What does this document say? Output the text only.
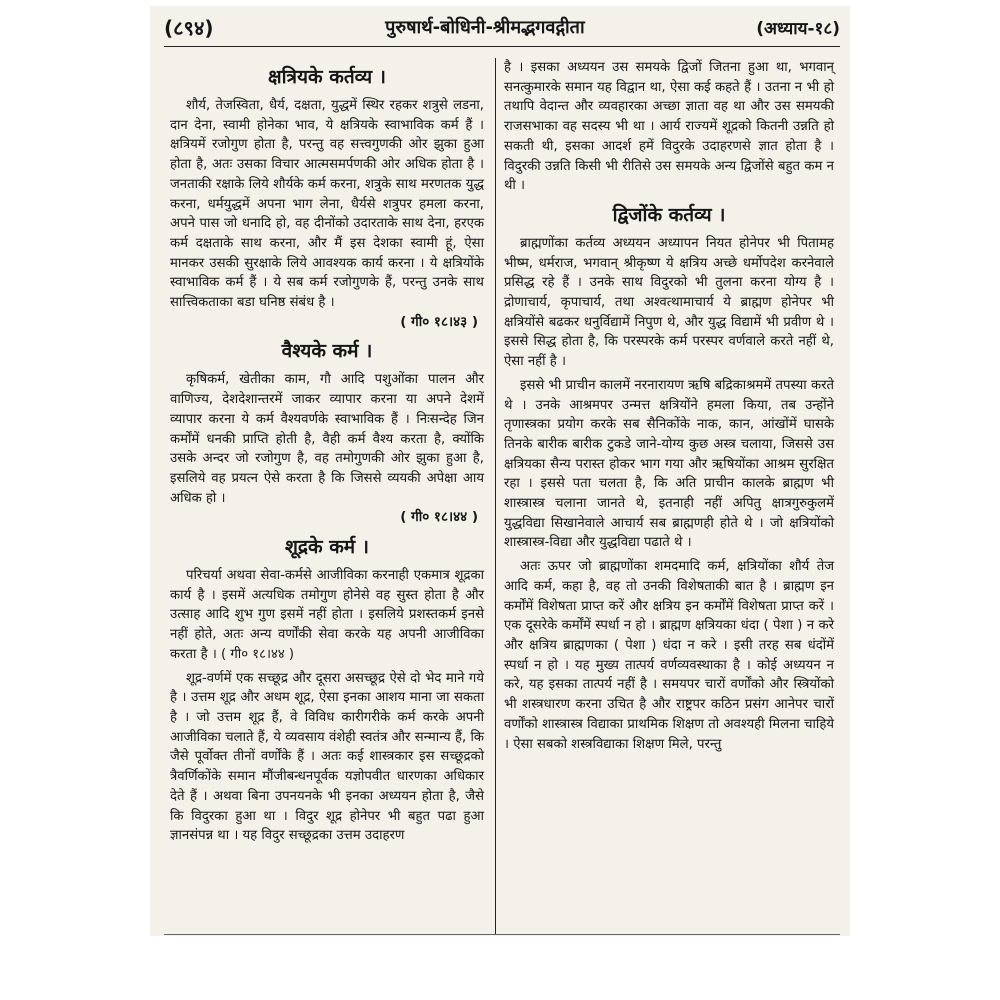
(८९४)	पुरुषार्थ-बोधिनी-श्रीमद्भगवद्गीता	(अध्याय-१८)
क्षत्रियके कर्तव्य ।

शौर्य, तेजस्विता, धैर्य, दक्षता, युद्धमें स्थिर रहकर शत्रुसे लडना, दान देना, स्वामी होनेका भाव, ये क्षत्रियके स्वाभाविक कर्म हैं । क्षत्रियमें रजोगुण होता है, परन्तु वह सत्त्वगुणकी ओर झुका हुआ होता है, अतः उसका विचार आत्मसमर्पणकी ओर अधिक होता है । जनताकी रक्षाके लिये शौर्यके कर्म करना, शत्रुके साथ मरणतक युद्ध करना, धर्मयुद्धमें अपना भाग लेना, धैर्यसे शत्रुपर हमला करना, अपने पास जो धनादि हो, वह दीनोंको उदारताके साथ देना, हरएक कर्म दक्षताके साथ करना, और मैं इस देशका स्वामी हूं, ऐसा मानकर उसकी सुरक्षाके लिये आवश्यक कार्य करना । ये क्षत्रियोंके स्वाभाविक कर्म हैं । ये सब कर्म रजोगुणके हैं, परन्तु उनके साथ सात्त्विकताका बडा घनिष्ठ संबंध है ।

( गी० १८।४३ )
वैश्यके कर्म ।

कृषिकर्म, खेतीका काम, गौ आदि पशुओंका पालन और वाणिज्य, देशदेशान्तरमें जाकर व्यापार करना या अपने देशमें व्यापार करना ये कर्म वैश्यवर्णके स्वाभाविक हैं । निःसन्देह जिन कर्मोंमें धनकी प्राप्ति होती है, वैही कर्म वैश्य करता है, क्योंकि उसके अन्दर जो रजोगुण है, वह तमोगुणकी ओर झुका हुआ है, इसलिये वह प्रयत्न ऐसे करता है कि जिससे व्ययकी अपेक्षा आय अधिक हो ।

( गी० १८।४४ )
शूद्रके कर्म ।

परिचर्या अथवा सेवा-कर्मसे आजीविका करनाही एकमात्र शूद्रका कार्य है । इसमें अत्यधिक तमोगुण होनेसे वह सुस्त होता है और उत्साह आदि शुभ गुण इसमें नहीं होता । इसलिये प्रशस्तकर्म इनसे नहीं होते, अतः अन्य वर्णोंकी सेवा करके यह अपनी आजीविका करता है । ( गी० १८।४४ )

शूद्र-वर्णमें एक सच्छूद्र और दूसरा असच्छूद्र ऐसे दो भेद माने गये है । उत्तम शूद्र और अधम शूद्र, ऐसा इनका आशय माना जा सकता है । जो उत्तम शूद्र हैं, वे विविध कारीगरीके कर्म करके अपनी आजीविका चलाते हैं, ये व्यवसाय वंशेही स्वतंत्र और सन्मान्य हैं, कि जैसे पूर्वोक्त तीनों वर्णोंके हैं । अतः कई शास्त्रकार इस सच्छूद्रको त्रैवर्णिकोंके समान मौंजीबन्धनपूर्वक यज्ञोपवीत धारणका अधिकार देते हैं । अथवा बिना उपनयनके भी इनका अध्ययन होता है, जैसे कि विदुरका हुआ था । विदुर शूद्र होनेपर भी बहुत पढा हुआ ज्ञानसंपन्न था । यह विदुर सच्छूद्रका उत्तम उदाहरण

है । इसका अध्ययन उस समयके द्विजों जितना हुआ था, भगवान् सनत्कुमारके समान यह विद्वान था, ऐसा कई कहते हैं । उतना न भी हो तथापि वेदान्त और व्यवहारका अच्छा ज्ञाता वह था और उस समयकी राजसभाका वह सदस्य भी था । आर्य राज्यमें शूद्रको कितनी उन्नति हो सकती थी, इसका आदर्श हमें विदुरके उदाहरणसे ज्ञात होता है । विदुरकी उन्नति किसी भी रीतिसे उस समयके अन्य द्विजोंसे बहुत कम न थी ।

द्विजोंके कर्तव्य ।

ब्राह्मणोंका कर्तव्य अध्ययन अध्यापन नियत होनेपर भी पितामह भीष्म, धर्मराज, भगवान् श्रीकृष्ण ये क्षत्रिय अच्छे धर्मोपदेश करनेवाले प्रसिद्ध रहे हैं । उनके साथ विदुरको भी तुलना करना योग्य है । द्रोणाचार्य, कृपाचार्य, तथा अश्वत्थामाचार्य ये ब्राह्मण होनेपर भी क्षत्रियोंसे बढकर धनुर्विद्यामें निपुण थे, और युद्ध विद्यामें भी प्रवीण थे । इससे सिद्ध होता है, कि परस्परके कर्म परस्पर वर्णवाले करते नहीं थे, ऐसा नहीं है ।

इससे भी प्राचीन कालमें नरनारायण ऋषि बद्रिकाश्रममें तपस्या करते थे । उनके आश्रमपर उन्मत्त क्षत्रियोंने हमला किया, तब उन्होंने तृणास्त्रका प्रयोग करके सब सैनिकोंके नाक, कान, आंखोंमें घासके तिनके बारीक बारीक टुकडे जाने-योग्य कुछ अस्त्र चलाया, जिससे उस क्षत्रियका सैन्य परास्त होकर भाग गया और ऋषियोंका आश्रम सुरक्षित रहा । इससे पता चलता है, कि अति प्राचीन कालके ब्राह्मण भी शास्त्रास्त्र चलाना जानते थे, इतनाही नहीं अपितु क्षात्रगुरुकुलमें युद्धविद्या सिखानेवाले आचार्य सब ब्राह्मणही होते थे । जो क्षत्रियोंको शास्त्रास्त्र-विद्या और युद्धविद्या पढाते थे ।

अतः ऊपर जो ब्राह्मणोंका शमदमादि कर्म, क्षत्रियोंका शौर्य तेज आदि कर्म, कहा है, वह तो उनकी विशेषताकी बात है । ब्राह्मण इन कर्मोंमें विशेषता प्राप्त करें और क्षत्रिय इन कर्मोंमें विशेषता प्राप्त करें । एक दूसरेके कर्मोंमें स्पर्धा न हो । ब्राह्मण क्षत्रियका धंदा ( पेशा ) न करे और क्षत्रिय ब्राह्मणका ( पेशा ) धंदा न करे । इसी तरह सब धंदोंमें स्पर्धा न हो । यह मुख्य तात्पर्य वर्णव्यवस्थाका है । कोई अध्ययन न करे, यह इसका तात्पर्य नहीं है । समयपर चारों वर्णोंको और स्त्रियोंको भी शस्त्रधारण करना उचित है और राष्ट्रपर कठिन प्रसंग आनेपर चारों वर्णोंको शास्त्रास्त्र विद्याका प्राथमिक शिक्षण तो अवश्यही मिलना चाहिये । ऐसा सबको शस्त्रविद्याका शिक्षण मिले, परन्तु
